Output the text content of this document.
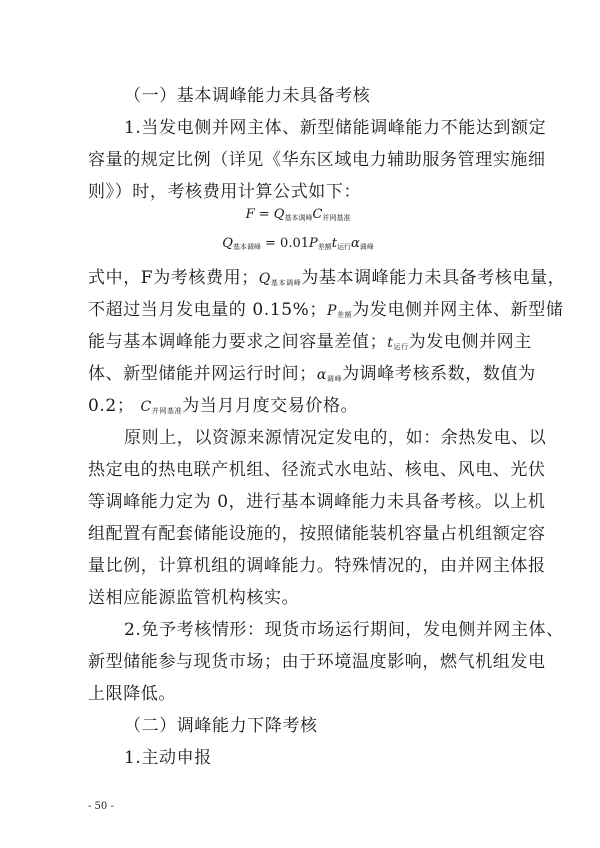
（一）基本调峰能力未具备考核
1.当发电侧并网主体、新型储能调峰能力不能达到额定
容量的规定比例（详见《华东区域电力辅助服务管理实施细
则》）时，考核费用计算公式如下：
$F = Q_{基本调峰}C_{并网基准}$
$Q_{基本调峰} = 0.01P_{差额}t_{运行}\alpha_{调峰}$
式中，F为考核费用；Q基本调峰为基本调峰能力未具备考核电量，
不超过当月发电量的 0.15%；P差额为发电侧并网主体、新型储
能与基本调峰能力要求之间容量差值；t运行为发电侧并网主
体、新型储能并网运行时间；α调峰为调峰考核系数，数值为
0.2； C并网基准为当月月度交易价格。
原则上，以资源来源情况定发电的，如：余热发电、以
热定电的热电联产机组、径流式水电站、核电、风电、光伏
等调峰能力定为 0，进行基本调峰能力未具备考核。以上机
组配置有配套储能设施的，按照储能装机容量占机组额定容
量比例，计算机组的调峰能力。特殊情况的，由并网主体报
送相应能源监管机构核实。
2.免予考核情形：现货市场运行期间，发电侧并网主体、
新型储能参与现货市场；由于环境温度影响，燃气机组发电
上限降低。
（二）调峰能力下降考核
1.主动申报
- 50 -
